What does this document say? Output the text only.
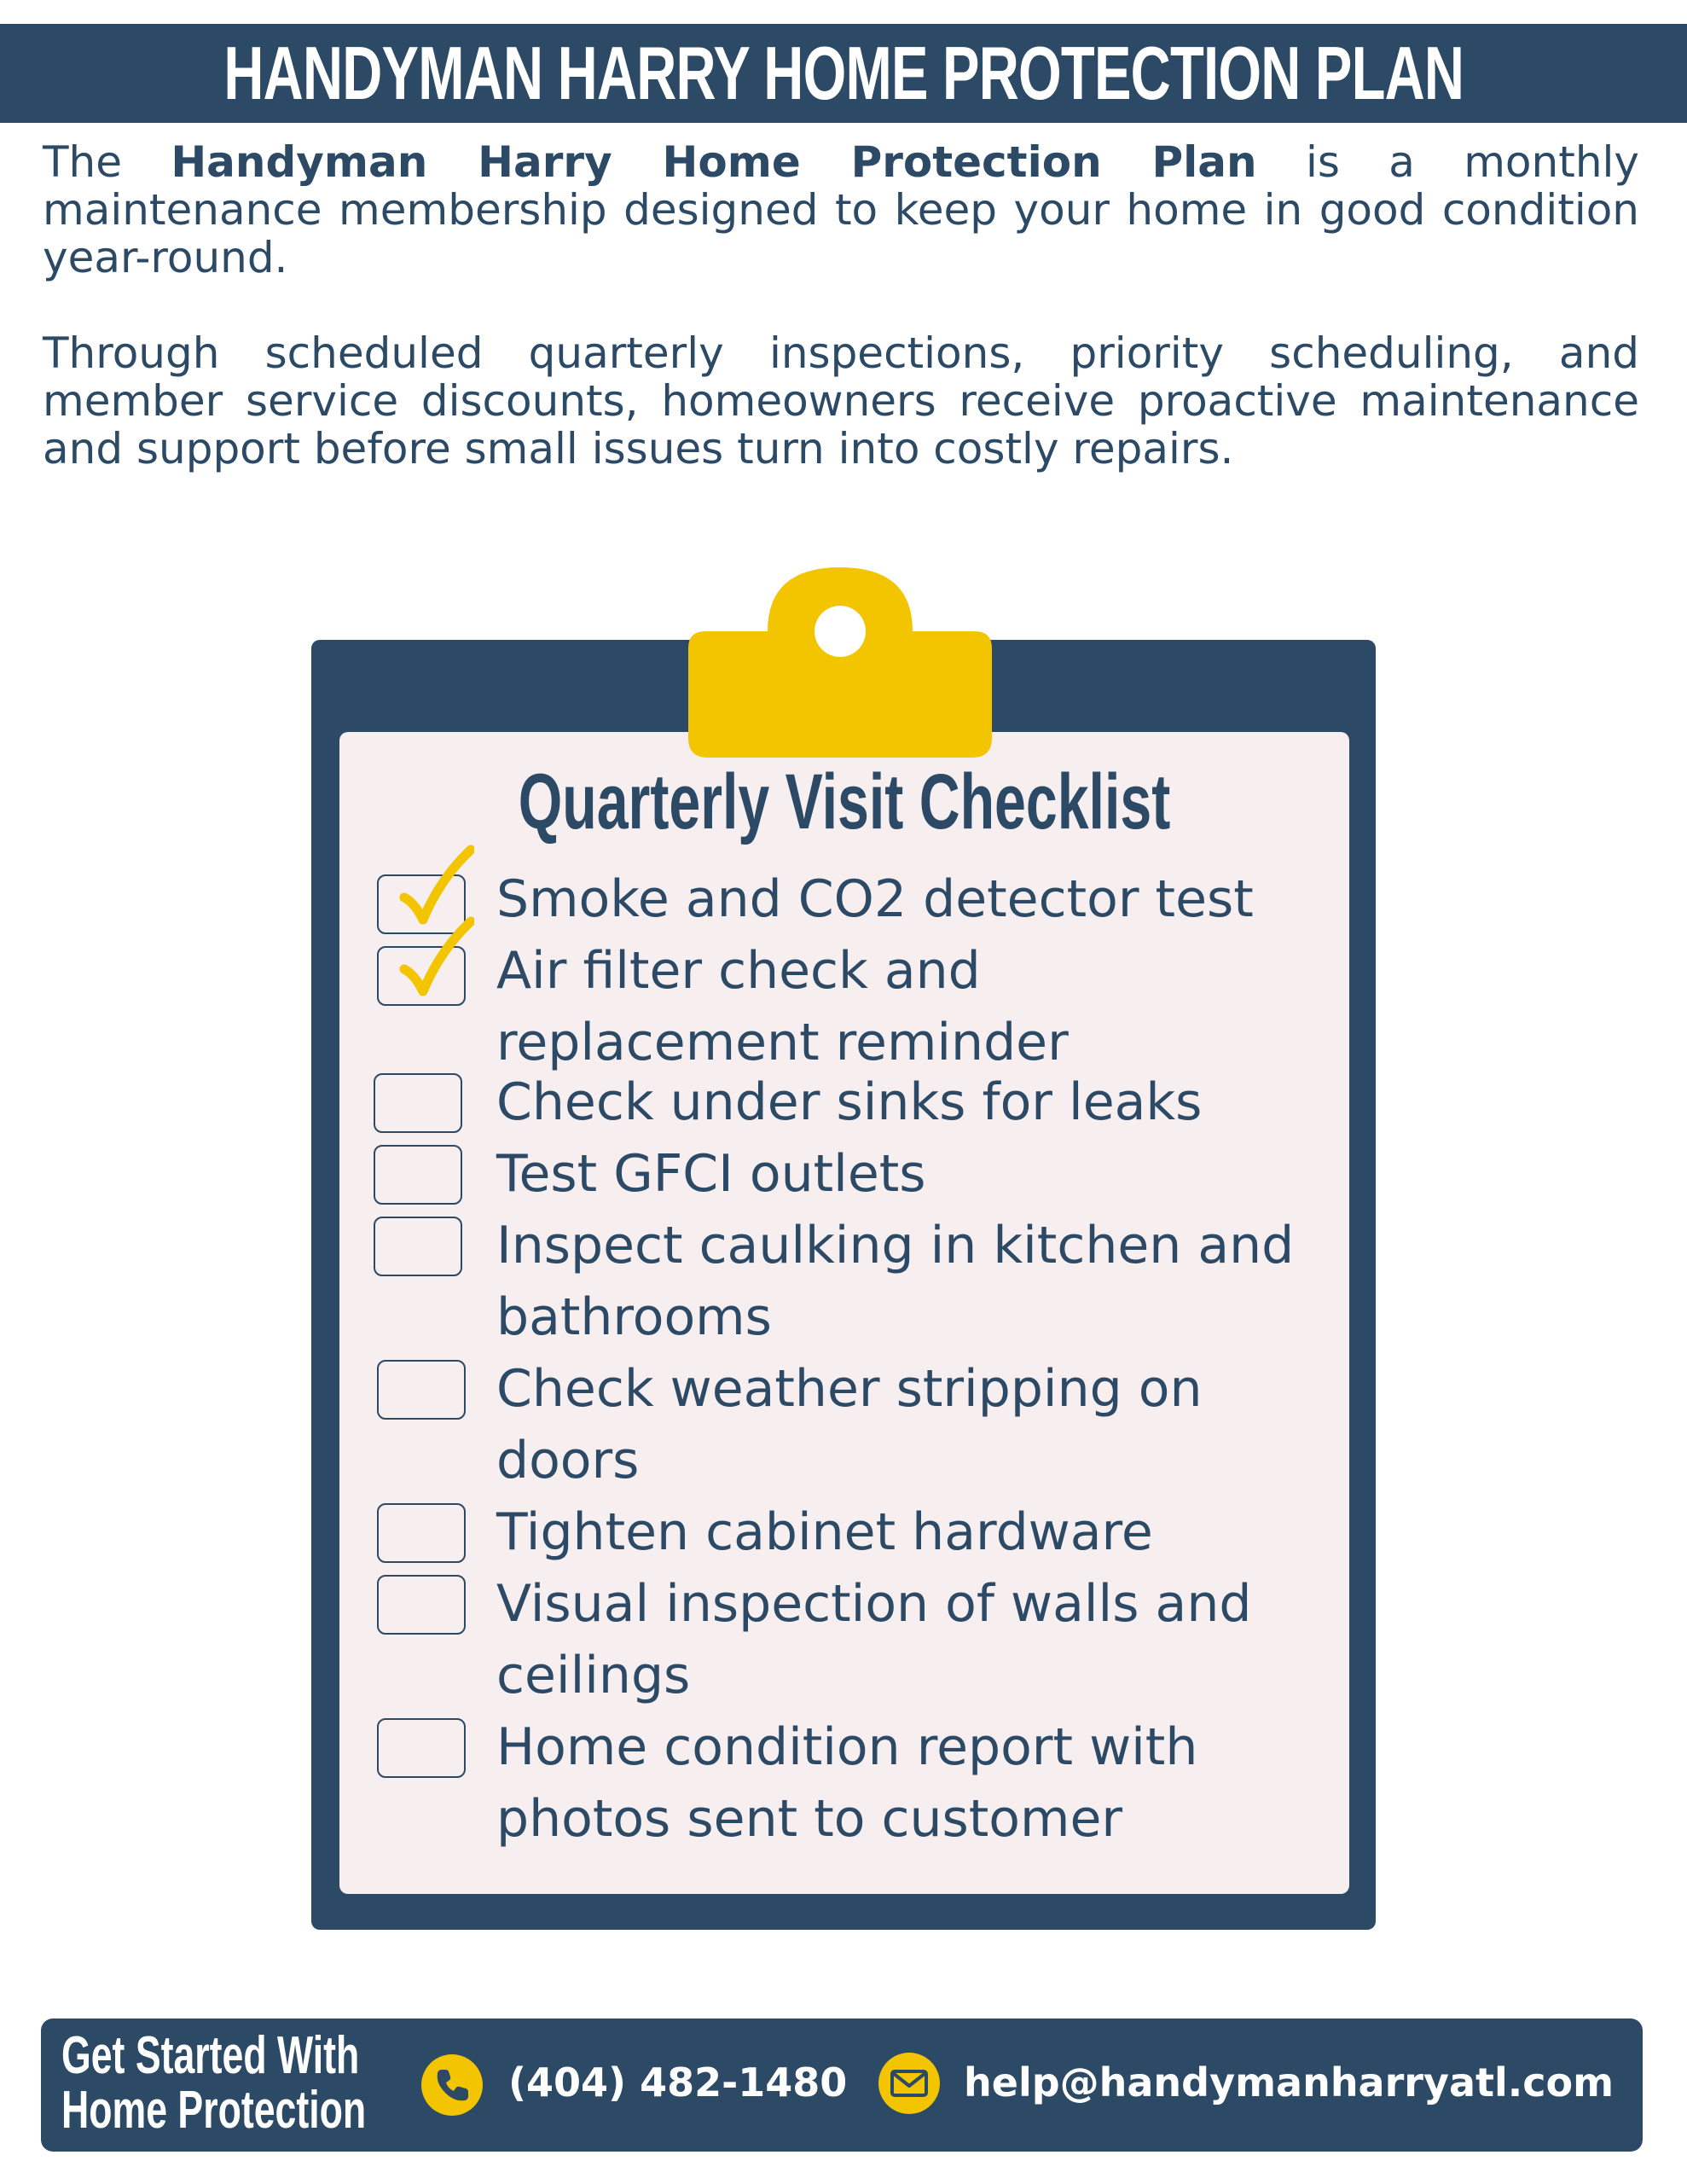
HANDYMAN HARRY HOME PROTECTION PLAN

The Handyman Harry Home Protection Plan is a monthly maintenance membership designed to keep your home in good condition year-round.

Through scheduled quarterly inspections, priority scheduling, and member service discounts, homeowners receive proactive maintenance and support before small issues turn into costly repairs.

Quarterly Visit Checklist
Smoke and CO2 detector test
Air filter check and replacement reminder
Check under sinks for leaks
Test GFCI outlets
Inspect caulking in kitchen and bathrooms
Check weather stripping on doors
Tighten cabinet hardware
Visual inspection of walls and ceilings
Home condition report with photos sent to customer
Get Started With
Home Protection	(404) 482-1480	help@handymanharryatl.com
